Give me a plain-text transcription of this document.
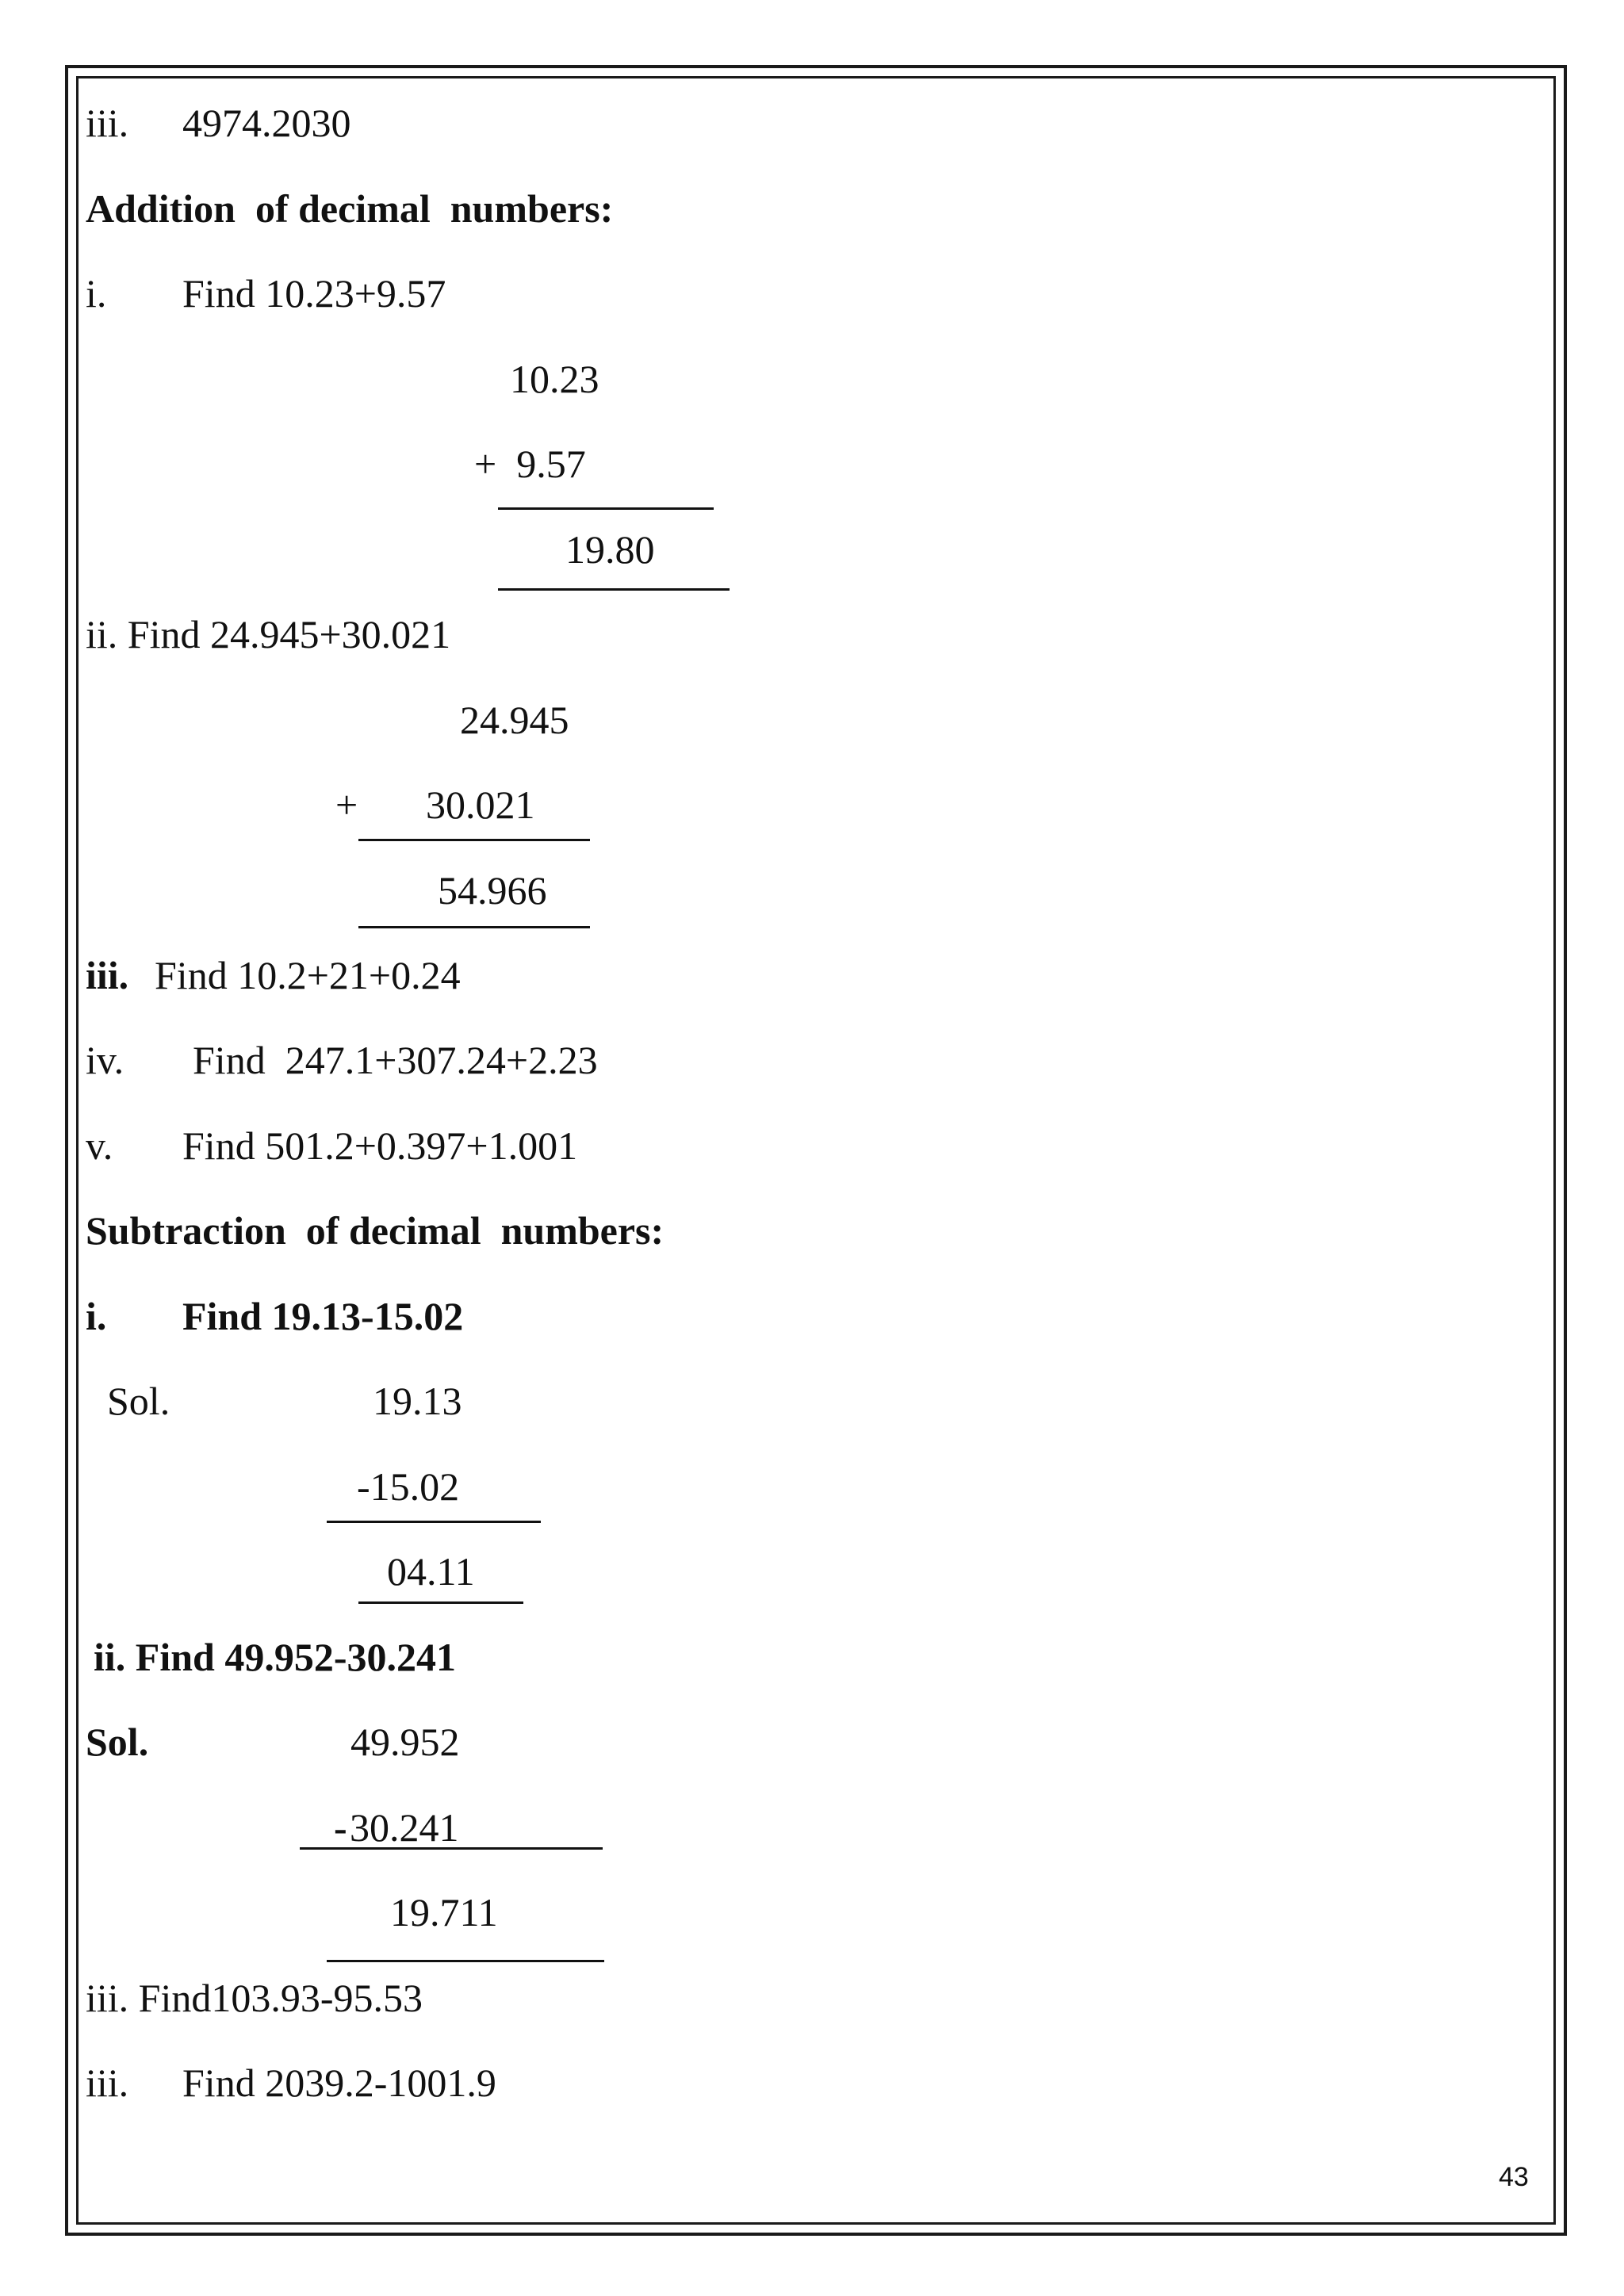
iii. 4974.2030
Addition  of decimal  numbers:
i. Find 10.23+9.57
10.23
+  9.57
19.80
ii. Find 24.945+30.021
24.945
+ 30.021
54.966
iii. Find 10.2+21+0.24
iv. Find  247.1+307.24+2.23
v. Find 501.2+0.397+1.001
Subtraction  of decimal  numbers:
i. Find 19.13-15.02
Sol.	19.13
-15.02
04.11
ii. Find 49.952-30.241
Sol.	49.952
- 30.241
19.711
iii. Find103.93-95.53
iii. Find 2039.2-1001.9
43
